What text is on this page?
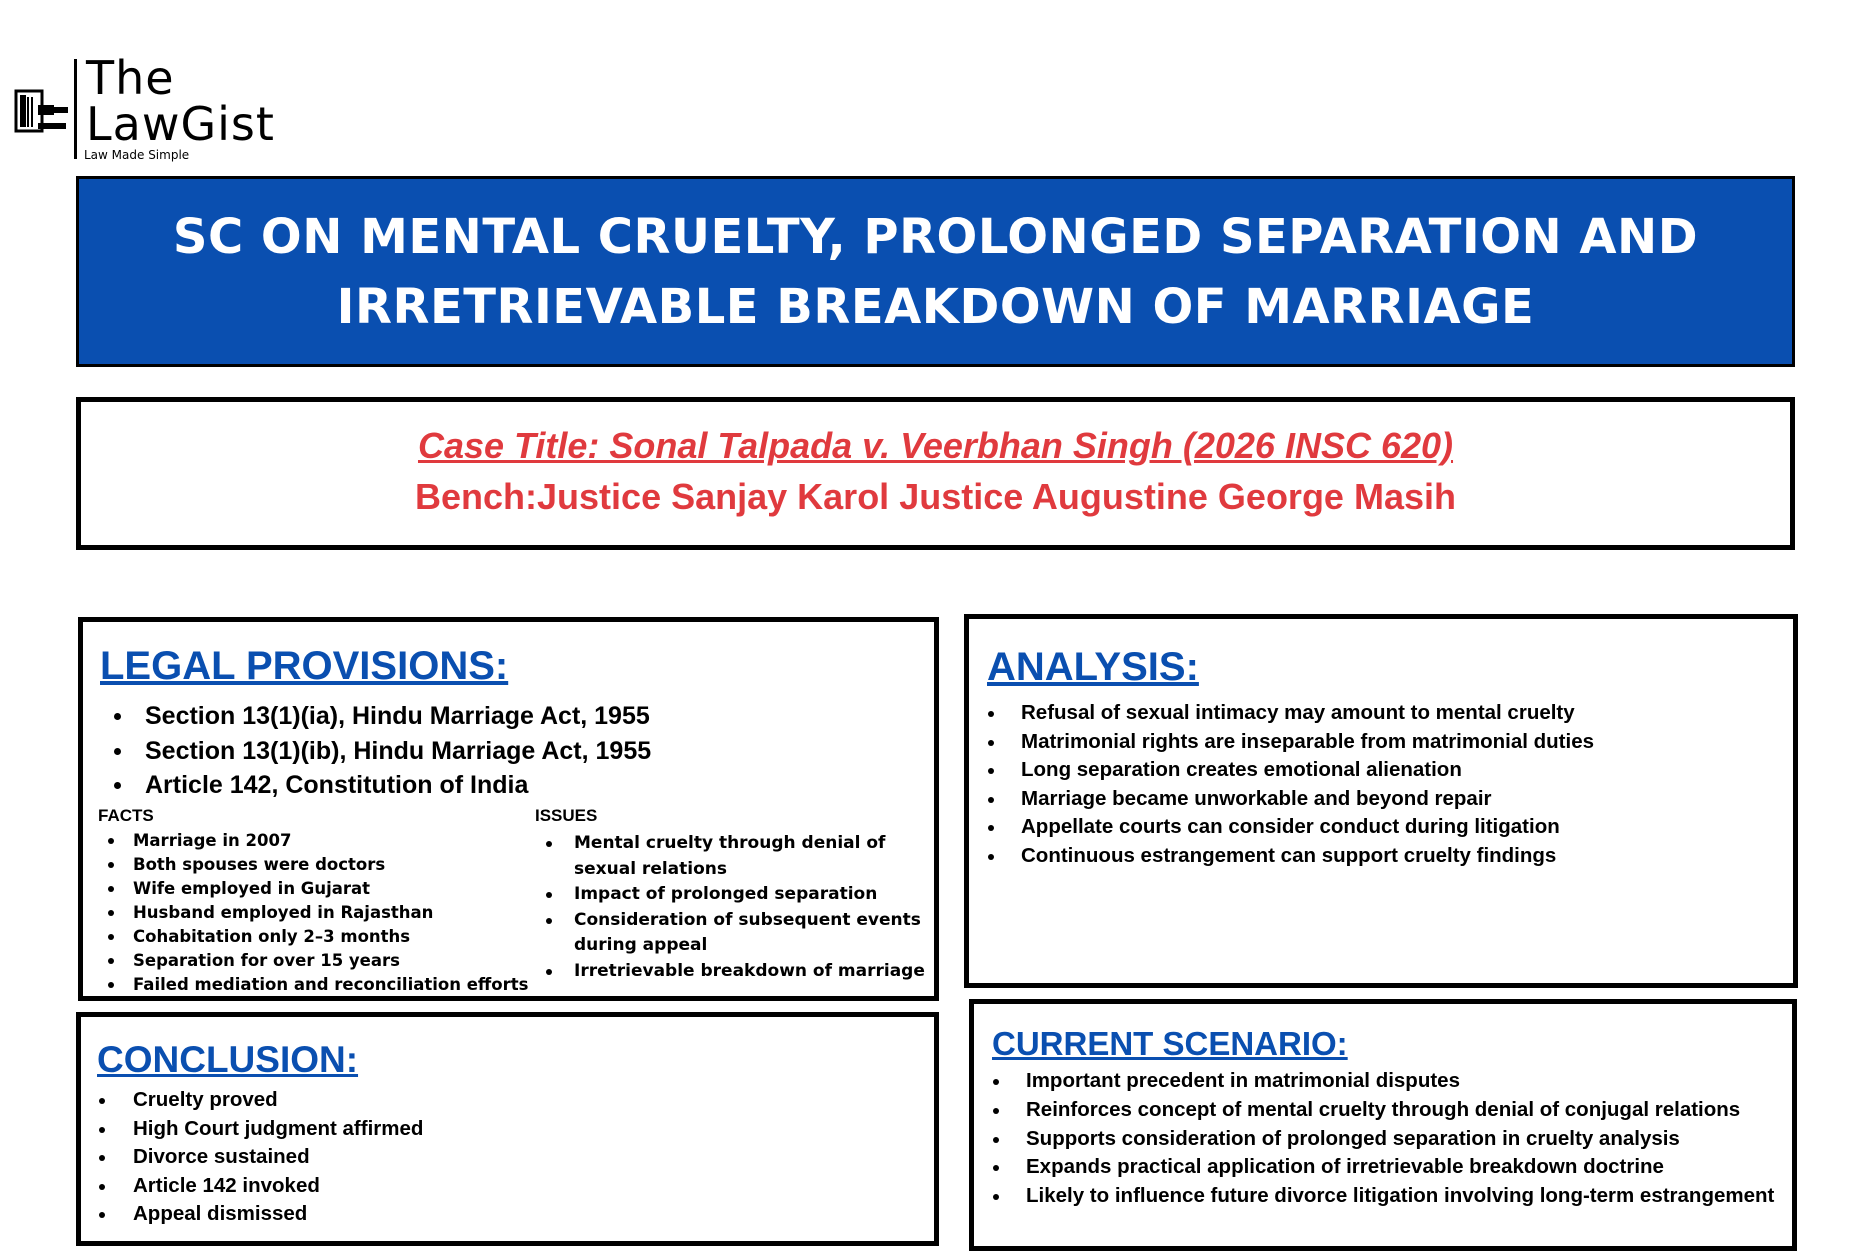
The
LawGist
Law Made Simple
SC ON MENTAL CRUELTY, PROLONGED SEPARATION AND
IRRETRIEVABLE BREAKDOWN OF MARRIAGE
Case Title: Sonal Talpada v. Veerbhan Singh (2026 INSC 620)
Bench:Justice Sanjay Karol Justice Augustine George Masih
LEGAL PROVISIONS:
Section 13(1)(ia), Hindu Marriage Act, 1955
Section 13(1)(ib), Hindu Marriage Act, 1955
Article 142, Constitution of India
FACTS
Marriage in 2007
Both spouses were doctors
Wife employed in Gujarat
Husband employed in Rajasthan
Cohabitation only 2–3 months
Separation for over 15 years
Failed mediation and reconciliation efforts
ISSUES
Mental cruelty through denial of sexual relations
Impact of prolonged separation
Consideration of subsequent events during appeal
Irretrievable breakdown of marriage
ANALYSIS:
Refusal of sexual intimacy may amount to mental cruelty
Matrimonial rights are inseparable from matrimonial duties
Long separation creates emotional alienation
Marriage became unworkable and beyond repair
Appellate courts can consider conduct during litigation
Continuous estrangement can support cruelty findings
CONCLUSION:
Cruelty proved
High Court judgment affirmed
Divorce sustained
Article 142 invoked
Appeal dismissed
CURRENT SCENARIO:
Important precedent in matrimonial disputes
Reinforces concept of mental cruelty through denial of conjugal relations
Supports consideration of prolonged separation in cruelty analysis
Expands practical application of irretrievable breakdown doctrine
Likely to influence future divorce litigation involving long-term estrangement
